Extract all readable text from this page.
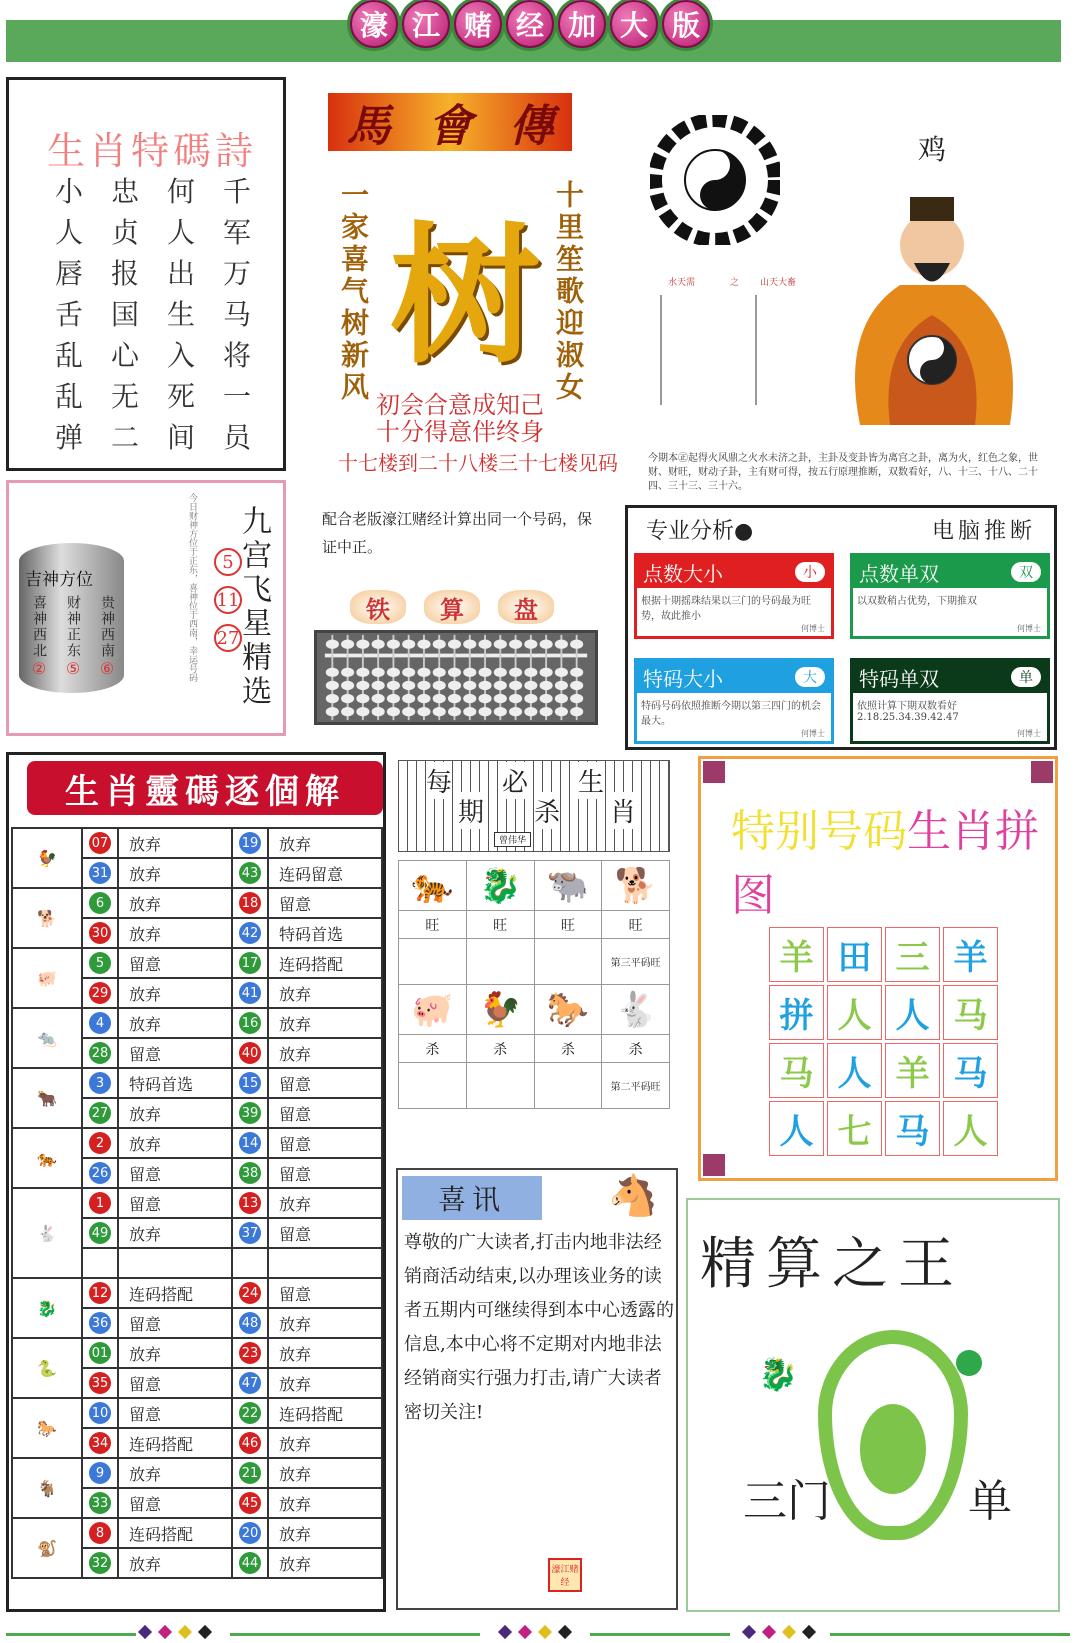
濠 江 赌 经 加 大 版
生肖特碼詩
小 忠 何 千
人 贞 人 军
唇 报 出 万
舌 国 生 马
乱 心 入 将
乱 无 死 一
弹 二 间 员
馬 會 傳
一家喜气树新风	十里笙歌迎淑女
树
初会合意成知己
十分得意伴终身
十七楼到二十八楼三十七楼见码
鸡
水天需	之 山天大畜
今期本㊣起得火风鼎之火水未济之卦，主卦及变卦皆为离宫之卦，离为火，红色之象，世财、财旺，财动子卦，主有财可得，按五行原理推断，双数看好，八、十三、十八、二十四、三十三、三十六。
吉神方位
喜神西北
②
财神正东
⑤
贵神西南
⑥	今日财神方位于正东，喜神位于西南，幸运号码	5
11
27
九宫飞星精选	配合老版濠江赌经计算出同一个号码，保证中正。
铁	算	盘
专业分析●	电脑推断
点数大小	小
根据十期摇珠结果以三门的号码最为旺势，故此推小
何博士
点数单双	双
以双数稍占优势，下期推双
何博士
特码大小	大
特码号码依照推断今期以第三四门的机会最大。
何博士
特码单双	单
依照计算下期双数看好2.18.25.34.39.42.47
何博士
生肖靈碼逐個解
🐓	07	放弃	19	放弃
	31	放弃	43	连码留意
🐕	6	放弃	18	留意
	30	放弃	42	特码首选
🐖	5	留意	17	连码搭配
	29	放弃	41	放弃
🐀	4	放弃	16	放弃
	28	留意	40	放弃
🐂	3	特码首选	15	留意
	27	放弃	39	留意
🐅	2	放弃	14	留意
	26	留意	38	留意
🐇	1	留意	13	放弃
	49	放弃	37	留意

🐉	12	连码搭配	24	留意
	36	留意	48	放弃
🐍	01	放弃	23	放弃
	35	留意	47	放弃
🐎	10	留意	22	连码搭配
	34	连码搭配	46	放弃
🐐	9	放弃	21	放弃
	33	留意	45	放弃
🐒	8	连码搭配	20	放弃
	32	放弃	44	放弃
每 必 生
期 杀 肖
曾伟华
🐅	🐉	🐃	🐕
旺	旺	旺	旺
			第三平码旺
🐖	🐓	🐎	🐇
杀	杀	杀	杀
			第二平码旺
喜讯	🐴
尊敬的广大读者,打击内地非法经销商活动结束,以办理该业务的读者五期内可继续得到本中心透露的信息,本中心将不定期对内地非法经销商实行强力打击,请广大读者密切关注!
濠江赌经
特别号码生肖拼图
羊 田 三 羊
拼 人 人 马
马 人 羊 马
人 七 马 人
精算之王
🐉
三门	单
